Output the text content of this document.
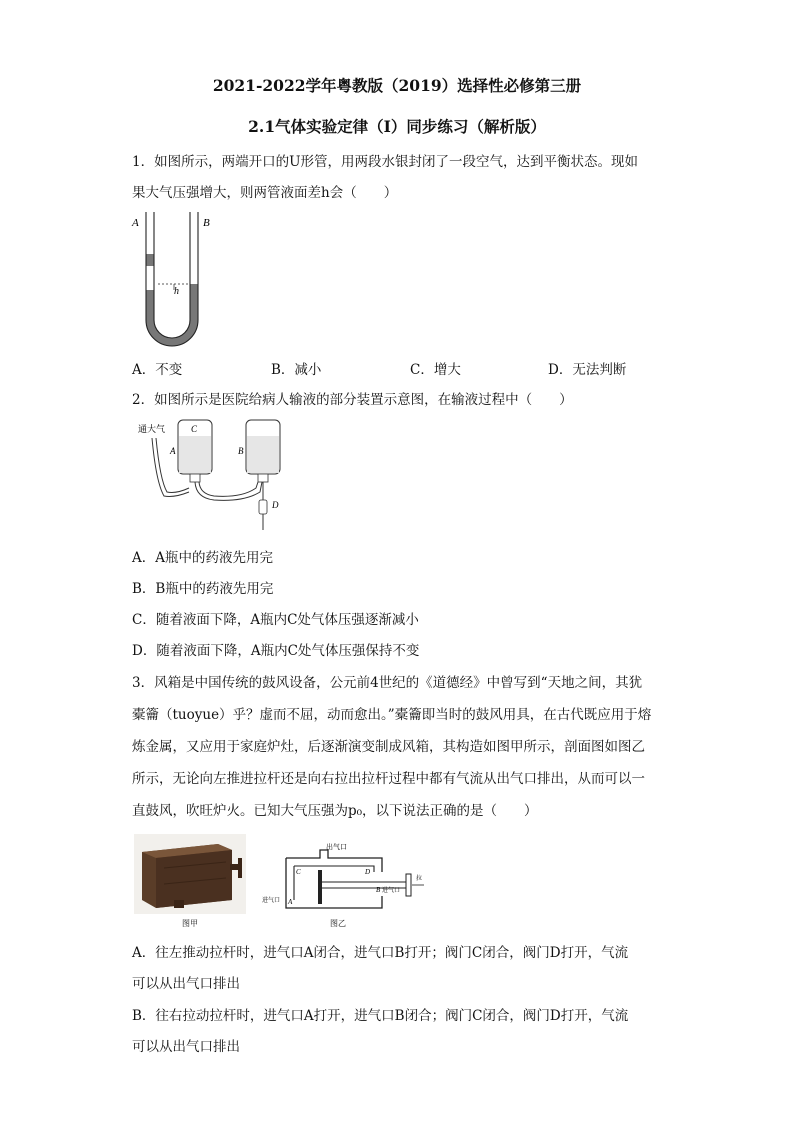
2021-2022学年粤教版（2019）选择性必修第三册
2.1气体实验定律（Ⅰ）同步练习（解析版）
1．如图所示，两端开口的U形管，用两段水银封闭了一段空气，达到平衡状态。现如
果大气压强增大，则两管液面差h会（　　）
A	B
h
A．不变	B．减小	C．增大	D．无法判断
2．如图所示是医院给病人输液的部分装置示意图，在输液过程中（　　）
通大气	C
A	B
D
A．A瓶中的药液先用完
B．B瓶中的药液先用完
C．随着液面下降，A瓶内C处气体压强逐渐减小
D．随着液面下降，A瓶内C处气体压强保持不变
3．风箱是中国传统的鼓风设备，公元前4世纪的《道德经》中曾写到“天地之间，其犹
橐籥（tuoyue）乎？虚而不屈，动而愈出。”橐籥即当时的鼓风用具，在古代既应用于熔
炼金属，又应用于家庭炉灶，后逐渐演变制成风箱，其构造如图甲所示，剖面图如图乙
所示，无论向左推进拉杆还是向右拉出拉杆过程中都有气流从出气口排出，从而可以一
直鼓风，吹旺炉火。已知大气压强为p₀，以下说法正确的是（　　）
图甲
出气口
拉
C	D
B 进气口
进气口 A
图乙
A．往左推动拉杆时，进气口A闭合，进气口B打开；阀门C闭合，阀门D打开，气流
可以从出气口排出
B．往右拉动拉杆时，进气口A打开，进气口B闭合；阀门C闭合，阀门D打开，气流
可以从出气口排出
